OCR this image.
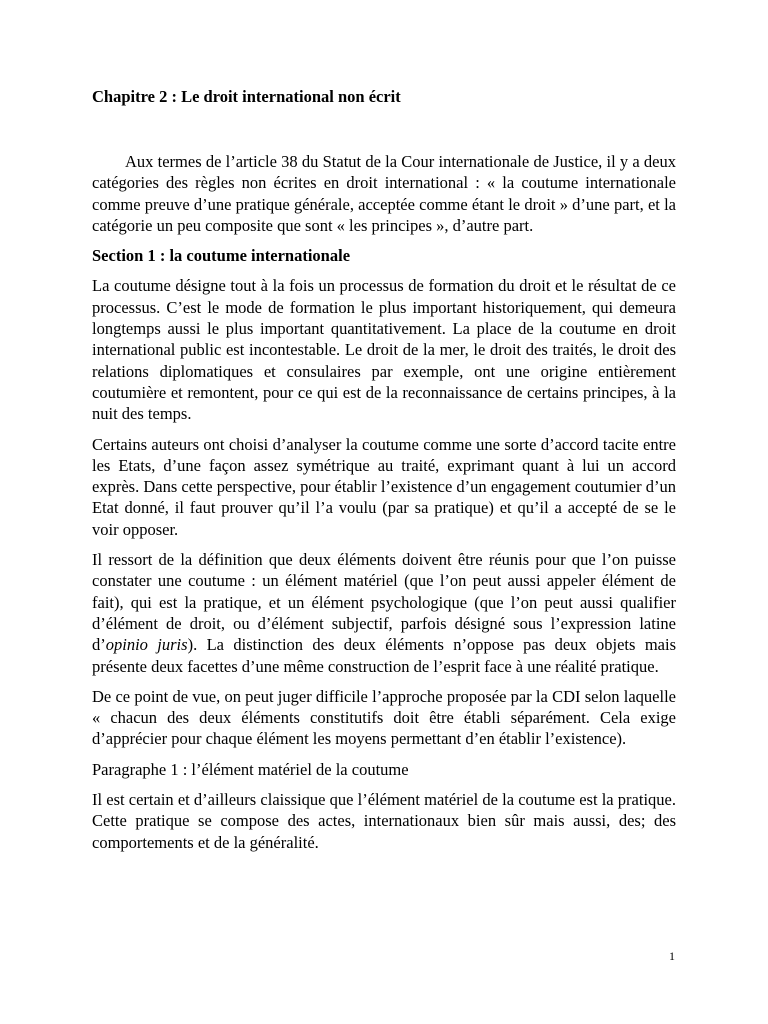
Chapitre 2 : Le droit international non écrit

Aux termes de l’article 38 du Statut de la Cour internationale de Justice, il y a deux catégories des règles non écrites en droit international : « la coutume internationale comme preuve d’une pratique générale, acceptée comme étant le droit » d’une part, et la catégorie un peu composite que sont « les principes », d’autre part.

Section 1 : la coutume internationale

La coutume désigne tout à la fois un processus de formation du droit et le résultat de ce processus. C’est le mode de formation le plus important historiquement, qui demeura longtemps aussi le plus important quantitativement. La place de la coutume en droit international public est incontestable. Le droit de la mer, le droit des traités, le droit des relations diplomatiques et consulaires par exemple, ont une origine entièrement coutumière et remontent, pour ce qui est de la reconnaissance de certains principes, à la nuit des temps.

Certains auteurs ont choisi d’analyser la coutume comme une sorte d’accord tacite entre les Etats, d’une façon assez symétrique au traité, exprimant quant à lui un accord exprès. Dans cette perspective, pour établir l’existence d’un engagement coutumier d’un Etat donné, il faut prouver qu’il l’a voulu (par sa pratique) et qu’il a accepté de se le voir opposer.

Il ressort de la définition que deux éléments doivent être réunis pour que l’on puisse constater une coutume : un élément matériel (que l’on peut aussi appeler élément de fait), qui est la pratique, et un élément psychologique (que l’on peut aussi qualifier d’élément de droit, ou d’élément subjectif, parfois désigné sous l’expression latine d’opinio juris). La distinction des deux éléments n’oppose pas deux objets mais présente deux facettes d’une même construction de l’esprit face à une réalité pratique.

De ce point de vue, on peut juger difficile l’approche proposée par la CDI selon laquelle « chacun des deux éléments constitutifs doit être établi séparément. Cela exige d’apprécier pour chaque élément les moyens permettant d’en établir l’existence).

Paragraphe 1 : l’élément matériel de la coutume

Il est certain et d’ailleurs claissique que l’élément matériel de la coutume est la pratique. Cette pratique se compose des actes, internationaux bien sûr mais aussi, des; des comportements et de la généralité.

1
